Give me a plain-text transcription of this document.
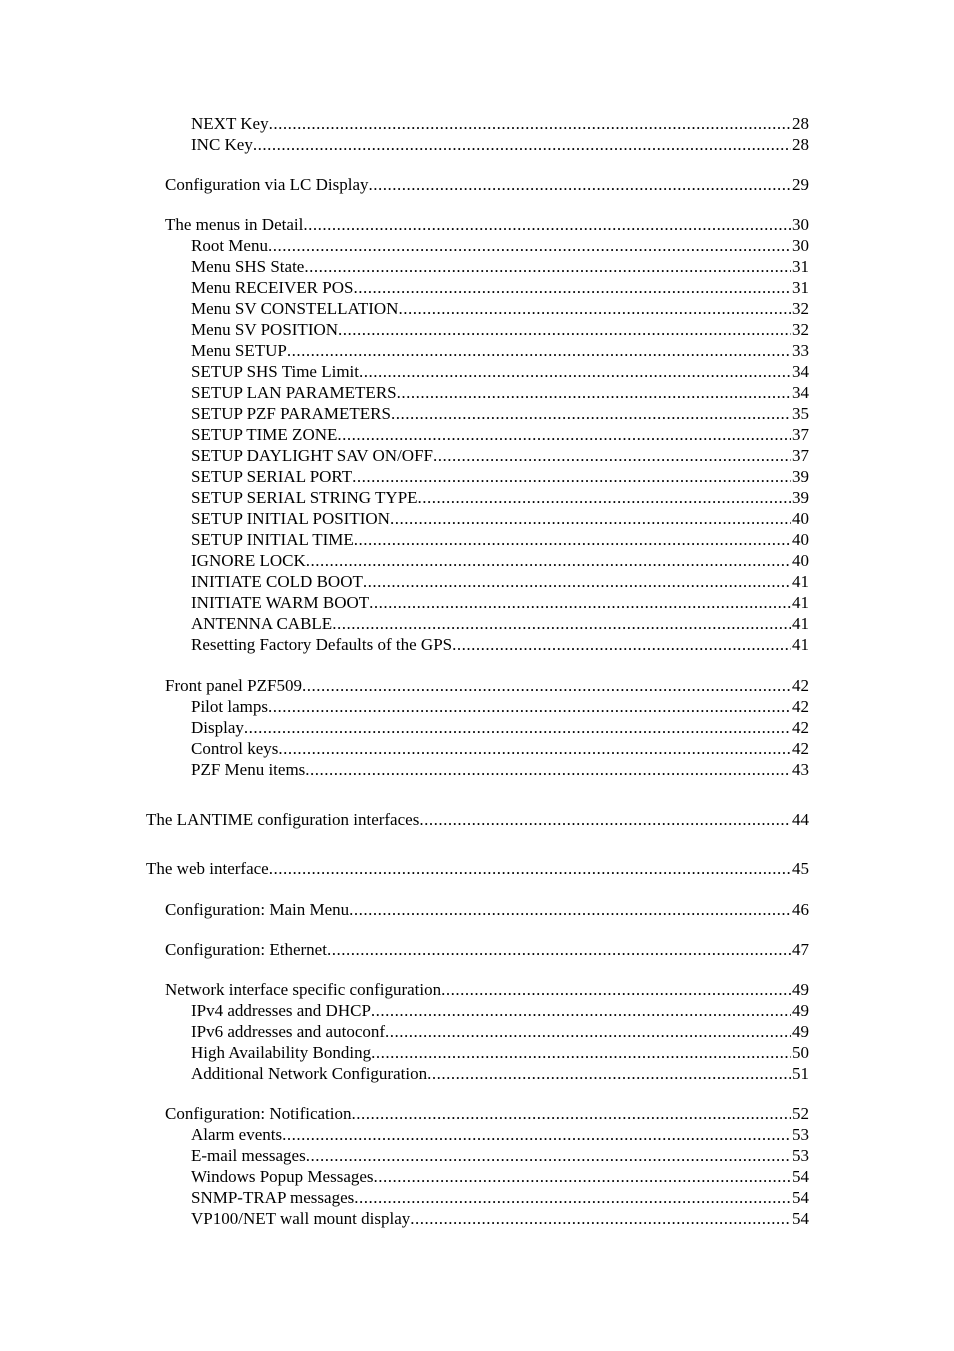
NEXT Key .....	28
INC Key .....	28
Configuration via LC Display .....	29
The menus in Detail .....	30
Root Menu .....	30
Menu SHS State .....	31
Menu RECEIVER POS .....	31
Menu SV CONSTELLATION .....	32
Menu SV POSITION .....	32
Menu SETUP .....	33
SETUP SHS Time Limit .....	34
SETUP LAN PARAMETERS .....	34
SETUP PZF PARAMETERS .....	35
SETUP TIME ZONE .....	37
SETUP DAYLIGHT SAV ON/OFF .....	37
SETUP SERIAL PORT .....	39
SETUP SERIAL STRING TYPE .....	39
SETUP INITIAL POSITION .....	40
SETUP INITIAL TIME .....	40
IGNORE LOCK .....	40
INITIATE COLD BOOT .....	41
INITIATE WARM BOOT .....	41
ANTENNA CABLE .....	41
Resetting Factory Defaults of the GPS .....	41
Front panel PZF509 .....	42
Pilot lamps .....	42
Display .....	42
Control keys .....	42
PZF Menu items .....	43
The LANTIME configuration interfaces .....	44
The web interface .....	45
Configuration: Main Menu .....	46
Configuration: Ethernet .....	47
Network interface specific configuration .....	49
IPv4 addresses and DHCP .....	49
IPv6 addresses and autoconf .....	49
High Availability Bonding .....	50
Additional Network Configuration .....	51
Configuration: Notification .....	52
Alarm events .....	53
E-mail messages .....	53
Windows Popup Messages .....	54
SNMP-TRAP messages .....	54
VP100/NET wall mount display .....	54
